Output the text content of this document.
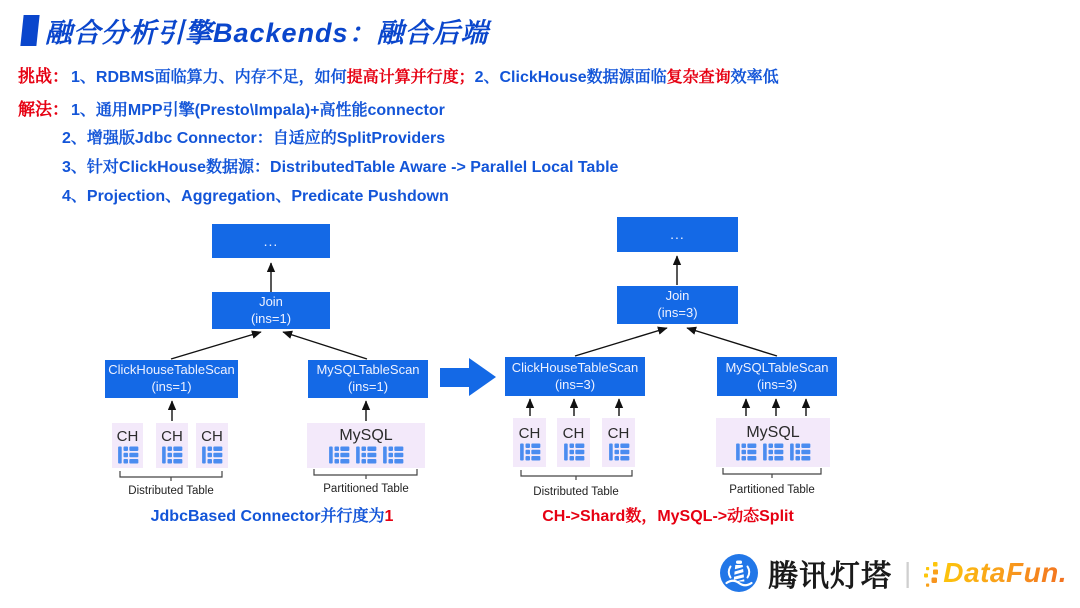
融合分析引擎Backends：融合后端
挑战： 1、RDBMS面临算力、内存不足，如何提高计算并行度；2、ClickHouse数据源面临复杂查询效率低
解法： 1、通用MPP引擎(Presto\Impala)+高性能connector
2、增强版Jdbc Connector：自适应的SplitProviders
3、针对ClickHouse数据源：DistributedTable Aware -> Parallel Local Table
4、Projection、Aggregation、Predicate Pushdown
...
Join
(ins=1)
ClickHouseTableScan
(ins=1)
MySQLTableScan
(ins=1)
CH CH CH	MySQL
Distributed Table	Partitioned Table
JdbcBased Connector并行度为1
...
Join
(ins=3)
ClickHouseTableScan
(ins=3)
MySQLTableScan
(ins=3)
CH CH CH	MySQL
Distributed Table	Partitioned Table
CH->Shard数，MySQL->动态Split
腾讯灯塔 | DataFun.
